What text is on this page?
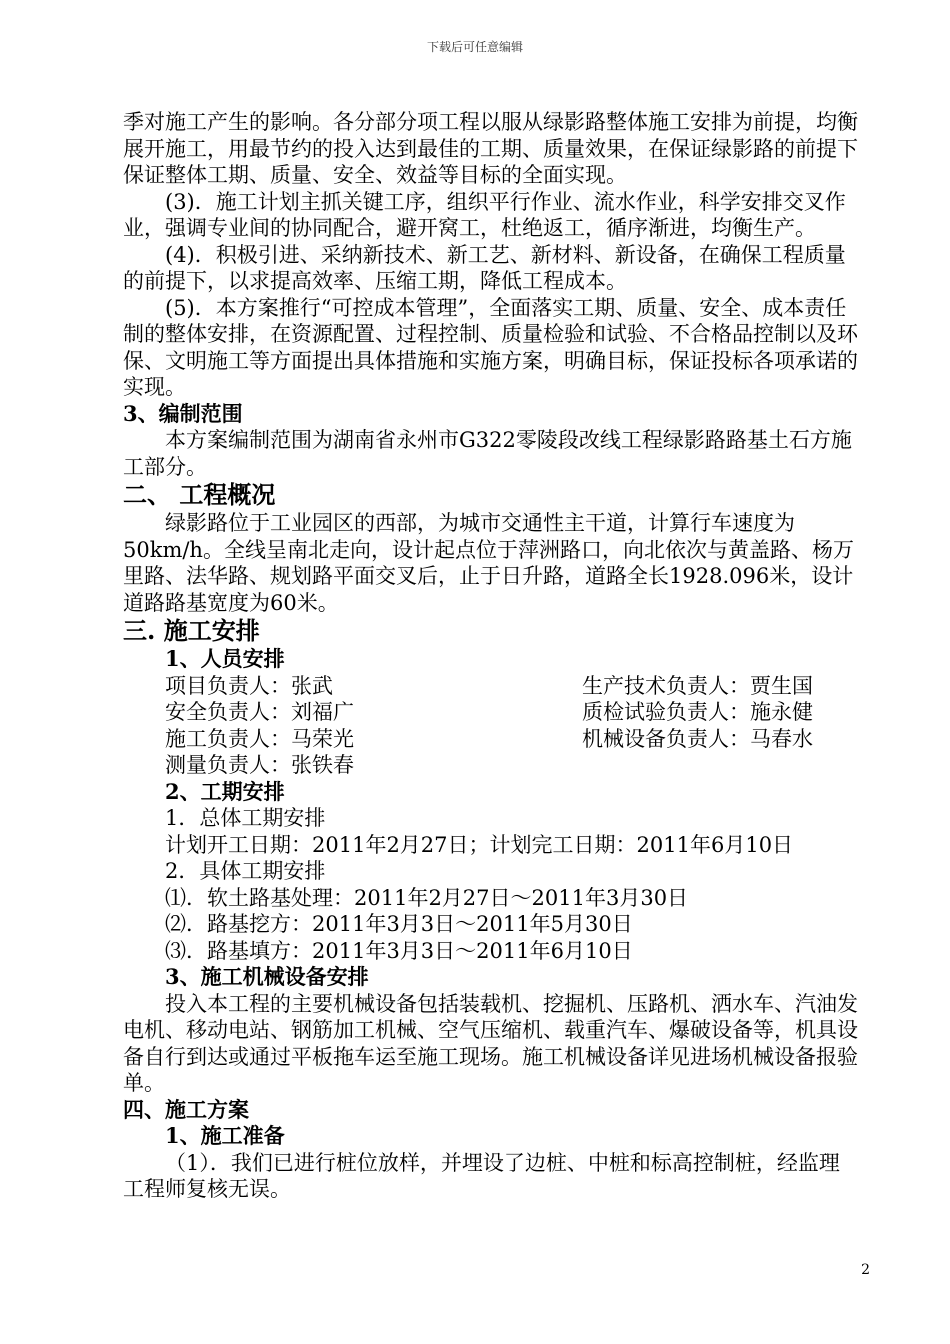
下载后可任意编辑

季对施工产生的影响。各分部分项工程以服从绿影路整体施工安排为前提，均衡展开施工，用最节约的投入达到最佳的工期、质量效果，在保证绿影路的前提下保证整体工期、质量、安全、效益等目标的全面实现。

(3)．施工计划主抓关键工序，组织平行作业、流水作业，科学安排交叉作业，强调专业间的协同配合，避开窝工，杜绝返工，循序渐进，均衡生产。

(4)．积极引进、采纳新技术、新工艺、新材料、新设备，在确保工程质量的前提下，以求提高效率、压缩工期，降低工程成本。

(5)．本方案推行“可控成本管理”，全面落实工期、质量、安全、成本责任制的整体安排，在资源配置、过程控制、质量检验和试验、不合格品控制以及环保、文明施工等方面提出具体措施和实施方案，明确目标，保证投标各项承诺的实现。

3、编制范围

本方案编制范围为湖南省永州市G322零陵段改线工程绿影路路基土石方施工部分。

二、 工程概况

绿影路位于工业园区的西部，为城市交通性主干道，计算行车速度为50km/h。全线呈南北走向，设计起点位于萍洲路口，向北依次与黄盖路、杨万里路、法华路、规划路平面交叉后，止于日升路，道路全长1928.096米，设计道路路基宽度为60米。

三. 施工安排

1、人员安排

项目负责人：张武	生产技术负责人：贾生国
安全负责人：刘福广	质检试验负责人：施永健
施工负责人：马荣光	机械设备负责人：马春水
测量负责人：张铁春

2、工期安排

1．总体工期安排

计划开工日期：2011年2月27日；计划完工日期：2011年6月10日

2．具体工期安排

⑴．软土路基处理：2011年2月27日～2011年3月30日

⑵．路基挖方：2011年3月3日～2011年5月30日

⑶．路基填方：2011年3月3日～2011年6月10日

3、施工机械设备安排

投入本工程的主要机械设备包括装载机、挖掘机、压路机、洒水车、汽油发电机、移动电站、钢筋加工机械、空气压缩机、载重汽车、爆破设备等，机具设备自行到达或通过平板拖车运至施工现场。施工机械设备详见进场机械设备报验单。

四、施工方案

1、施工准备

（1）．我们已进行桩位放样，并埋设了边桩、中桩和标高控制桩，经监理工程师复核无误。

2
